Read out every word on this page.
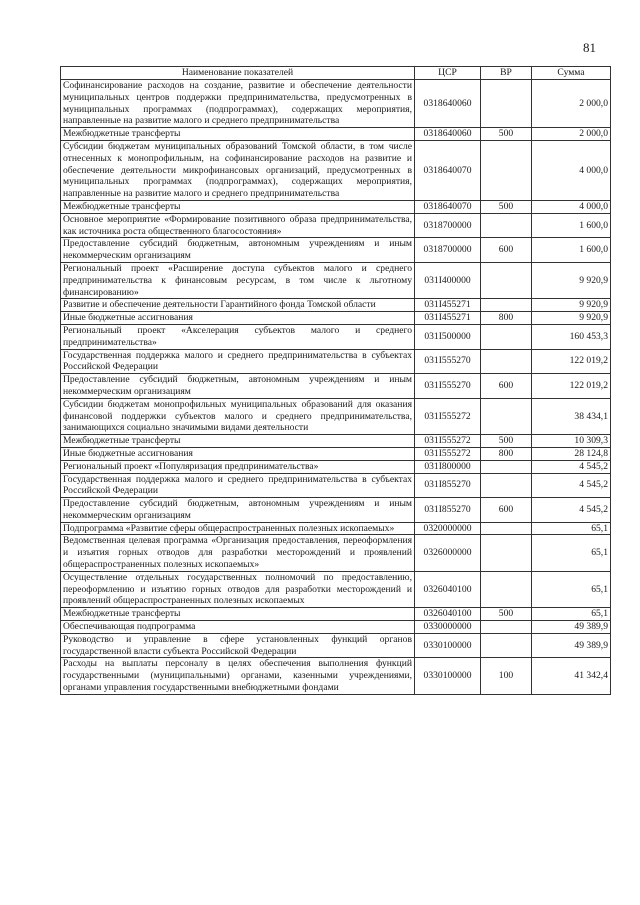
81
Наименование показателей	ЦСР	ВР	Сумма
Софинансирование расходов на создание, развитие и обеспечение деятельности муниципальных центров поддержки предпринимательства, предусмотренных в муниципальных программах (подпрограммах), содержащих мероприятия, направленные на развитие малого и среднего предпринимательства	0318640060		2 000,0
Межбюджетные трансферты	0318640060	500	2 000,0
Субсидии бюджетам муниципальных образований Томской области, в том числе отнесенных к монопрофильным, на софинансирование расходов на развитие и обеспечение деятельности микрофинансовых организаций, предусмотренных в муниципальных программах (подпрограммах), содержащих мероприятия, направленные на развитие малого и среднего предпринимательства	0318640070		4 000,0
Межбюджетные трансферты	0318640070	500	4 000,0
Основное мероприятие «Формирование позитивного образа предпринимательства, как источника роста общественного благосостояния»	0318700000		1 600,0
Предоставление субсидий бюджетным, автономным учреждениям и иным некоммерческим организациям	0318700000	600	1 600,0
Региональный проект «Расширение доступа субъектов малого и среднего предпринимательства к финансовым ресурсам, в том числе к льготному финансированию»	031I400000		9 920,9
Развитие и обеспечение деятельности Гарантийного фонда Томской области	031I455271		9 920,9
Иные бюджетные ассигнования	031I455271	800	9 920,9
Региональный проект «Акселерация субъектов малого и среднего предпринимательства»	031I500000		160 453,3
Государственная поддержка малого и среднего предпринимательства в субъектах Российской Федерации	031I555270		122 019,2
Предоставление субсидий бюджетным, автономным учреждениям и иным некоммерческим организациям	031I555270	600	122 019,2
Субсидии бюджетам монопрофильных муниципальных образований для оказания финансовой поддержки субъектов малого и среднего предпринимательства, занимающихся социально значимыми видами деятельности	031I555272		38 434,1
Межбюджетные трансферты	031I555272	500	10 309,3
Иные бюджетные ассигнования	031I555272	800	28 124,8
Региональный проект «Популяризация предпринимательства»	031I800000		4 545,2
Государственная поддержка малого и среднего предпринимательства в субъектах Российской Федерации	031I855270		4 545,2
Предоставление субсидий бюджетным, автономным учреждениям и иным некоммерческим организациям	031I855270	600	4 545,2
Подпрограмма «Развитие сферы общераспространенных полезных ископаемых»	0320000000		65,1
Ведомственная целевая программа «Организация предоставления, переоформления и изъятия горных отводов для разработки месторождений и проявлений общераспространенных полезных ископаемых»	0326000000		65,1
Осуществление отдельных государственных полномочий по предоставлению, переоформлению и изъятию горных отводов для разработки месторождений и проявлений общераспространенных полезных ископаемых	0326040100		65,1
Межбюджетные трансферты	0326040100	500	65,1
Обеспечивающая подпрограмма	0330000000		49 389,9
Руководство и управление в сфере установленных функций органов государственной власти субъекта Российской Федерации	0330100000		49 389,9
Расходы на выплаты персоналу в целях обеспечения выполнения функций государственными (муниципальными) органами, казенными учреждениями, органами управления государственными внебюджетными фондами	0330100000	100	41 342,4
